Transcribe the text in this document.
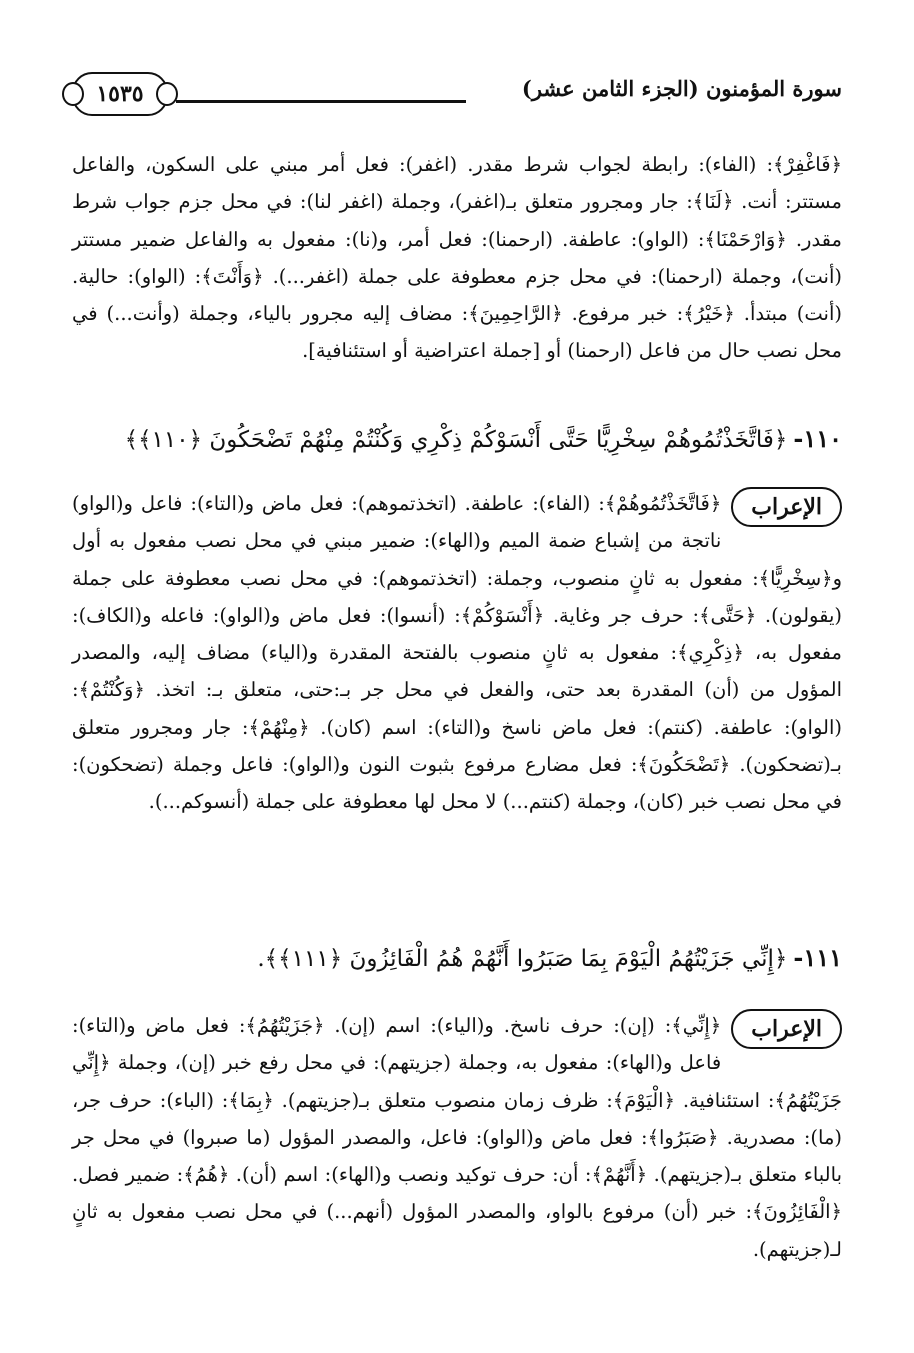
١٥٣٥	سورة المؤمنون (الجزء الثامن عشر)

﴿فَاغْفِرْ﴾: (الفاء): رابطة لجواب شرط مقدر. (اغفر): فعل أمر مبني على السكون، والفاعل مستتر: أنت. ﴿لَنَا﴾: جار ومجرور متعلق بـ(اغفر)، وجملة (اغفر لنا): في محل جزم جواب شرط مقدر. ﴿وَارْحَمْنَا﴾: (الواو): عاطفة. (ارحمنا): فعل أمر، و(نا): مفعول به والفاعل ضمير مستتر (أنت)، وجملة (ارحمنا): في محل جزم معطوفة على جملة (اغفر...). ﴿وَأَنْتَ﴾: (الواو): حالية. (أنت) مبتدأ. ﴿خَيْرُ﴾: خبر مرفوع. ﴿الرَّاحِمِينَ﴾: مضاف إليه مجرور بالياء، وجملة (وأنت...) في محل نصب حال من فاعل (ارحمنا) أو [جملة اعتراضية أو استئنافية].

١١٠-﴿فَاتَّخَذْتُمُوهُمْ سِخْرِيًّا حَتَّى أَنْسَوْكُمْ ذِكْرِي وَكُنْتُمْ مِنْهُمْ تَضْحَكُونَ ﴿١١٠﴾﴾
الإعراب

﴿فَاتَّخَذْتُمُوهُمْ﴾: (الفاء): عاطفة. (اتخذتموهم): فعل ماض و(التاء): فاعل و(الواو) ناتجة من إشباع ضمة الميم و(الهاء): ضمير مبني في محل نصب مفعول به أول و﴿سِخْرِيًّا﴾: مفعول به ثانٍ منصوب، وجملة: (اتخذتموهم): في محل نصب معطوفة على جملة (يقولون). ﴿حَتَّى﴾: حرف جر وغاية. ﴿أَنْسَوْكُمْ﴾: (أنسوا): فعل ماض و(الواو): فاعله و(الكاف): مفعول به، ﴿ذِكْرِي﴾: مفعول به ثانٍ منصوب بالفتحة المقدرة و(الياء) مضاف إليه، والمصدر المؤول من (أن) المقدرة بعد حتى، والفعل في محل جر بـ:حتى، متعلق بـ: اتخذ. ﴿وَكُنْتُمْ﴾: (الواو): عاطفة. (كنتم): فعل ماض ناسخ و(التاء): اسم (كان). ﴿مِنْهُمْ﴾: جار ومجرور متعلق بـ(تضحكون). ﴿تَضْحَكُونَ﴾: فعل مضارع مرفوع بثبوت النون و(الواو): فاعل وجملة (تضحكون): في محل نصب خبر (كان)، وجملة (كنتم...) لا محل لها معطوفة على جملة (أنسوكم...).

١١١-﴿إِنِّي جَزَيْتُهُمُ الْيَوْمَ بِمَا صَبَرُوا أَنَّهُمْ هُمُ الْفَائِزُونَ ﴿١١١﴾﴾.
الإعراب

﴿إِنِّي﴾: (إن): حرف ناسخ. و(الياء): اسم (إن). ﴿جَزَيْتُهُمُ﴾: فعل ماض و(التاء): فاعل و(الهاء): مفعول به، وجملة (جزيتهم): في محل رفع خبر (إن)، وجملة ﴿إِنِّي جَزَيْتُهُمُ﴾: استئنافية. ﴿الْيَوْمَ﴾: ظرف زمان منصوب متعلق بـ(جزيتهم). ﴿بِمَا﴾: (الباء): حرف جر، (ما): مصدرية. ﴿صَبَرُوا﴾: فعل ماض و(الواو): فاعل، والمصدر المؤول (ما صبروا) في محل جر بالباء متعلق بـ(جزيتهم). ﴿أَنَّهُمْ﴾: أن: حرف توكيد ونصب و(الهاء): اسم (أن). ﴿هُمُ﴾: ضمير فصل. ﴿الْفَائِزُونَ﴾: خبر (أن) مرفوع بالواو، والمصدر المؤول (أنهم...) في محل نصب مفعول به ثانٍ لـ(جزيتهم).
